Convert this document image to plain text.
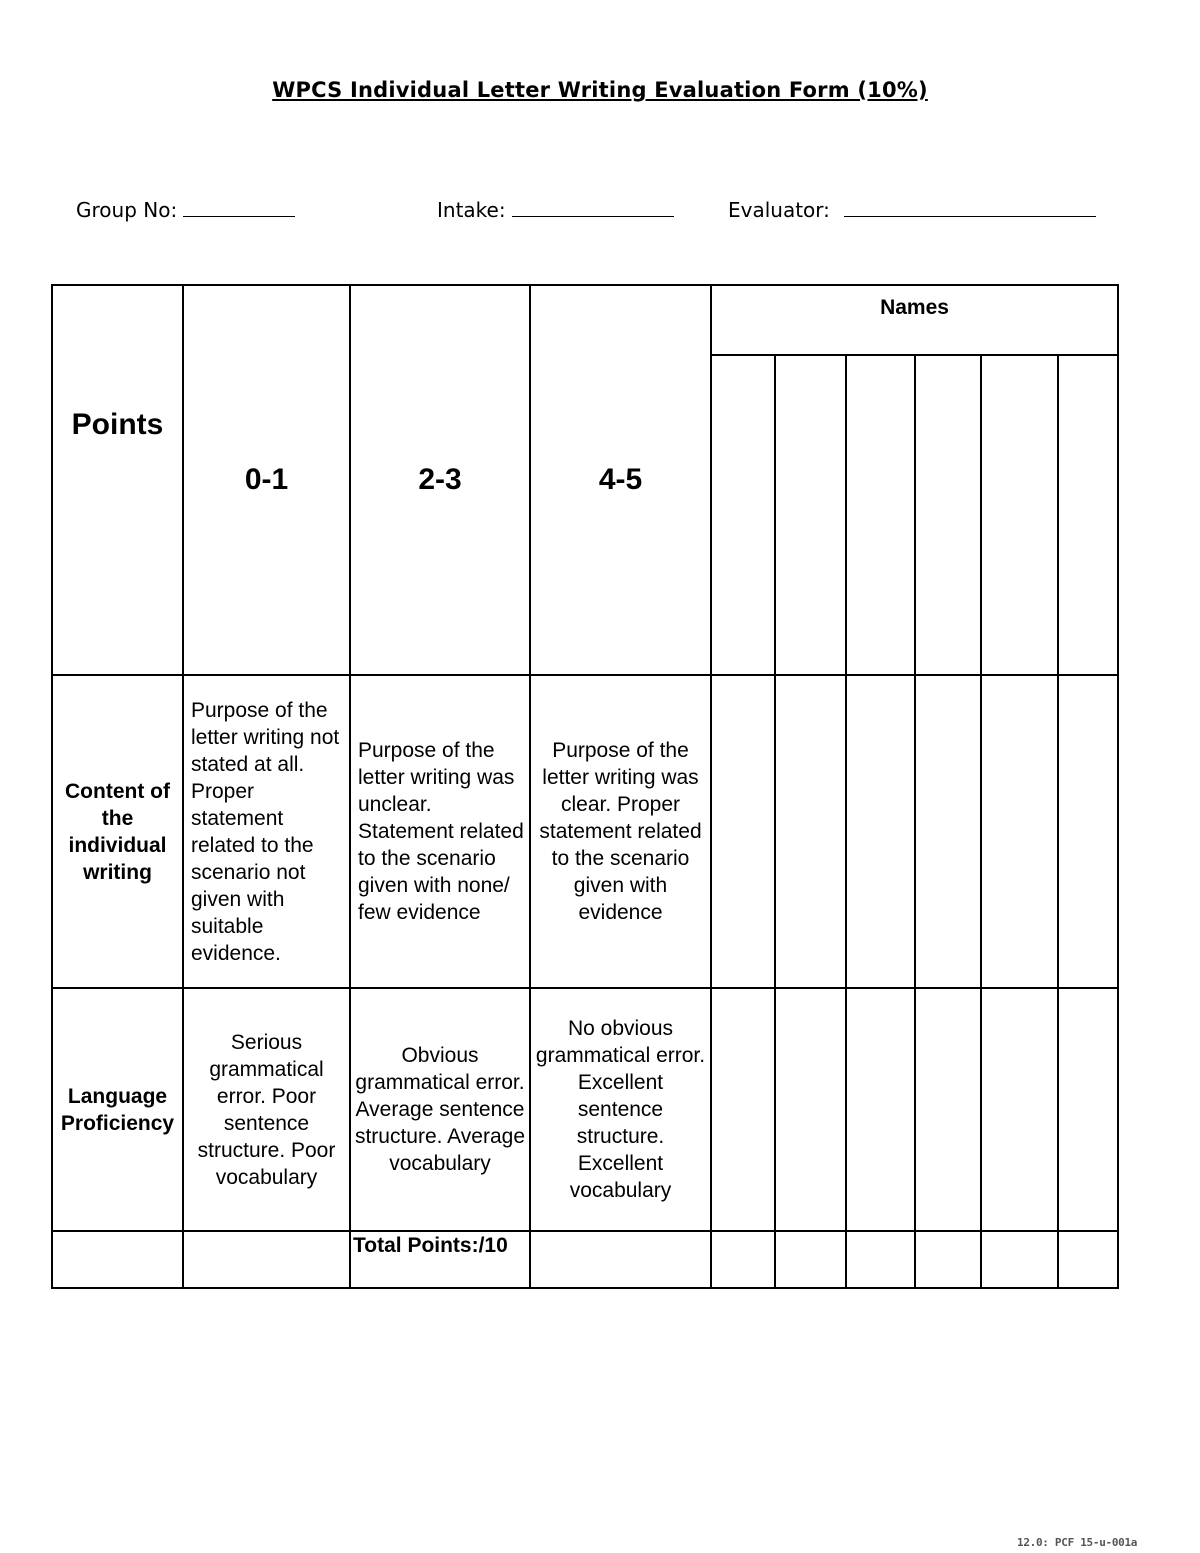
WPCS Individual Letter Writing Evaluation Form (10%)
Group No:	Intake:	Evaluator:
Points	0-1	2-3	4-5	Names					

Content of the individual writing	Purpose of the letter writing not stated at all. Proper statement related to the scenario not given with suitable evidence.	Purpose of the letter writing was unclear. Statement related to the scenario given with none/ few evidence	Purpose of the letter writing was clear. Proper statement related to the scenario given with evidence						
Language Proficiency	Serious grammatical error. Poor sentence structure. Poor vocabulary	Obvious grammatical error. Average sentence structure. Average vocabulary	No obvious grammatical error. Excellent sentence structure. Excellent vocabulary						
		Total Points:/10							
12.0: PCF 15-u-001a
